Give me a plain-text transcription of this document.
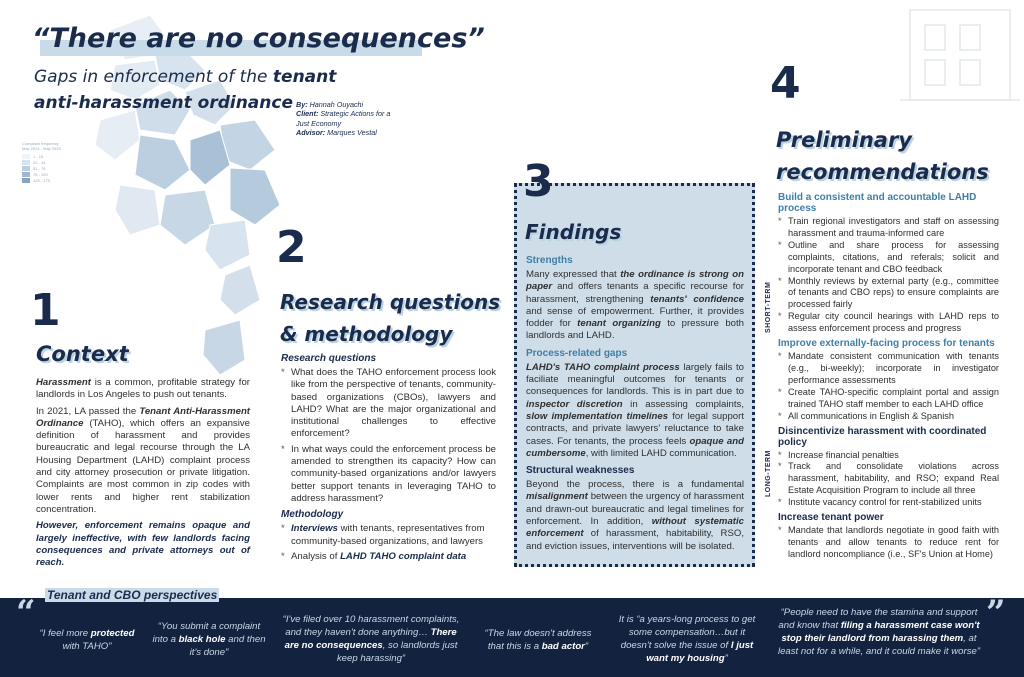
“There are no consequences”
Gaps in enforcement of the tenant
anti-harassment ordinance By: Hannah Ouyachi
Client: Strategic Actions for a Just Economy
Advisor: Marques Vestal
Complaint frequency
May 2024 - May 2025
1 - 15
20 - 44
51 - 75
76 - 120
125 - 175
1
Context

Harassment is a common, profitable strategy for landlords in Los Angeles to push out tenants.

In 2021, LA passed the Tenant Anti-Harassment Ordinance (TAHO), which offers an expansive definition of harassment and provides bureaucratic and legal recourse through the LA Housing Department (LAHD) complaint process and city attorney prosecution or private litigation. Complaints are most common in zip codes with lower rents and higher rent stabilization concentration.

However, enforcement remains opaque and largely ineffective, with few landlords facing consequences and private attorneys out of reach.

2
Research questions
& methodology
Research questions
* What does the TAHO enforcement process look like from the perspective of tenants, community-based organizations (CBOs), lawyers and LAHD? What are the major organizational and institutional challenges to effective enforcement?
* In what ways could the enforcement process be amended to strengthen its capacity? How can community-based organizations and/or lawyers better support tenants in leveraging TAHO to address harassment?
Methodology
* Interviews with tenants, representatives from community-based organizations, and lawyers
* Analysis of LAHD TAHO complaint data
3
Findings
Strengths

Many expressed that the ordinance is strong on paper and offers tenants a specific recourse for harassment, strengthening tenants' confidence and sense of empowerment. Further, it provides fodder for tenant organizing to pressure both landlords and LAHD.

Process-related gaps

LAHD's TAHO complaint process largely fails to faciliate meaningful outcomes for tenants or consequences for landlords. This is in part due to inspector discretion in assessing complaints, slow implementation timelines for legal support contracts, and private lawyers' reluctance to take cases. For tenants, the process feels opaque and cumbersome, with limited LAHD communication.

Structural weaknesses

Beyond the process, there is a fundamental misalignment between the urgency of harassment and drawn-out bureaucratic and legal timelines for enforcement. In addition, without systematic enforcement of harassment, habitability, RSO, and eviction issues, interventions will be isolated.

4
Preliminary
recommendations
SHORT-TERM
LONG-TERM
Build a consistent and accountable LAHD process
* Train regional investigators and staff on assessing harassment and trauma-informed care
* Outline and share process for assessing complaints, citations, and referals; solicit and incorporate tenant and CBO feedback
* Monthly reviews by external party (e.g., committee of tenants and CBO reps) to ensure complaints are processed fairly
* Regular city council hearings with LAHD reps to assess enforcement process and progress
Improve externally-facing process for tenants
* Mandate consistent communication with tenants (e.g., bi-weekly); incorporate in investigator performance assessments
* Create TAHO-specific complaint portal and assign trained TAHO staff member to each LAHD office
* All communications in English & Spanish
Disincentivize harassment with coordinated policy
* Increase financial penalties
* Track and consolidate violations across harassment, habitability, and RSO; expand Real Estate Acquisition Program to include all three
* Institute vacancy control for rent-stabilized units
Increase tenant power
* Mandate that landlords negotiate in good faith with tenants and allow tenants to reduce rent for landlord noncompliance (i.e., SF's Union at Home)
Tenant and CBO perspectives
“	”
“I feel more protected with TAHO”
“You submit a complaint into a black hole and then it's done”
“I've filed over 10 harassment complaints, and they haven't done anything… There are no consequences, so landlords just keep harassing”
“The law doesn't address that this is a bad actor”
It is “a years-long process to get some compensation…but it doesn't solve the issue of I just want my housing”
“People need to have the stamina and support and know that filing a harassment case won't stop their landlord from harassing them, at least not for a while, and it could make it worse”
